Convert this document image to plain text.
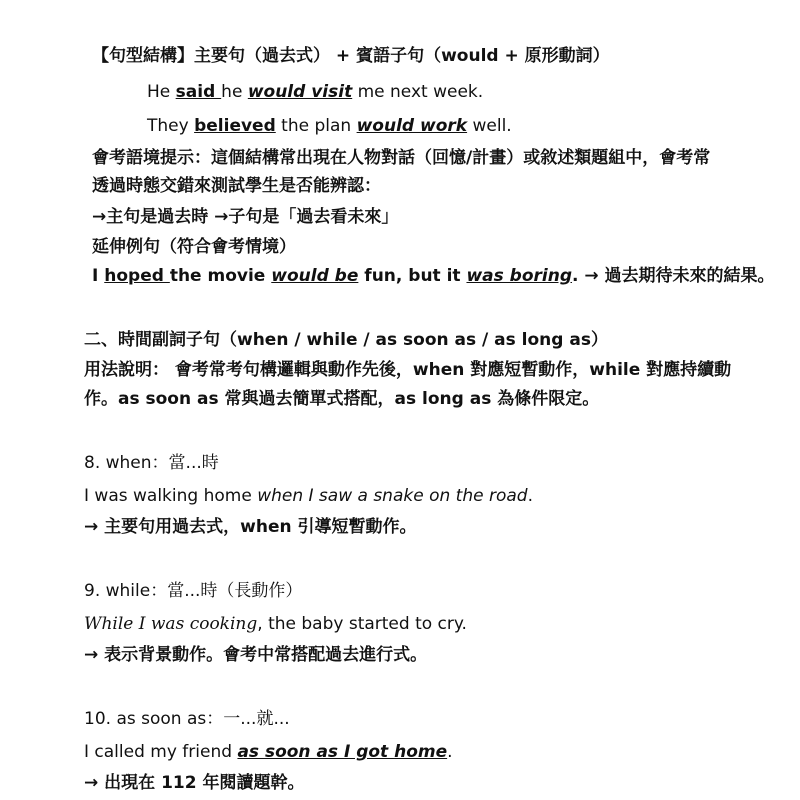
【句型結構】主要句（過去式） + 賓語子句（would + 原形動詞）
He said he would visit me next week.
They believed the plan would work well.
會考語境提示：這個結構常出現在人物對話（回憶/計畫）或敘述類題組中，會考常
透過時態交錯來測試學生是否能辨認：
→主句是過去時 →子句是「過去看未來」
延伸例句（符合會考情境）
I hoped the movie would be fun, but it was boring. → 過去期待未來的結果。
二、時間副詞子句（when / while / as soon as / as long as）
用法說明： 會考常考句構邏輯與動作先後，when 對應短暫動作，while 對應持續動
作。as soon as 常與過去簡單式搭配，as long as 為條件限定。
8. when：當...時
I was walking home when I saw a snake on the road.
→ 主要句用過去式，when 引導短暫動作。
9. while：當...時（長動作）
While I was cooking, the baby started to cry.
→ 表示背景動作。會考中常搭配過去進行式。
10. as soon as：一...就...
I called my friend as soon as I got home.
→ 出現在 112 年閱讀題幹。
